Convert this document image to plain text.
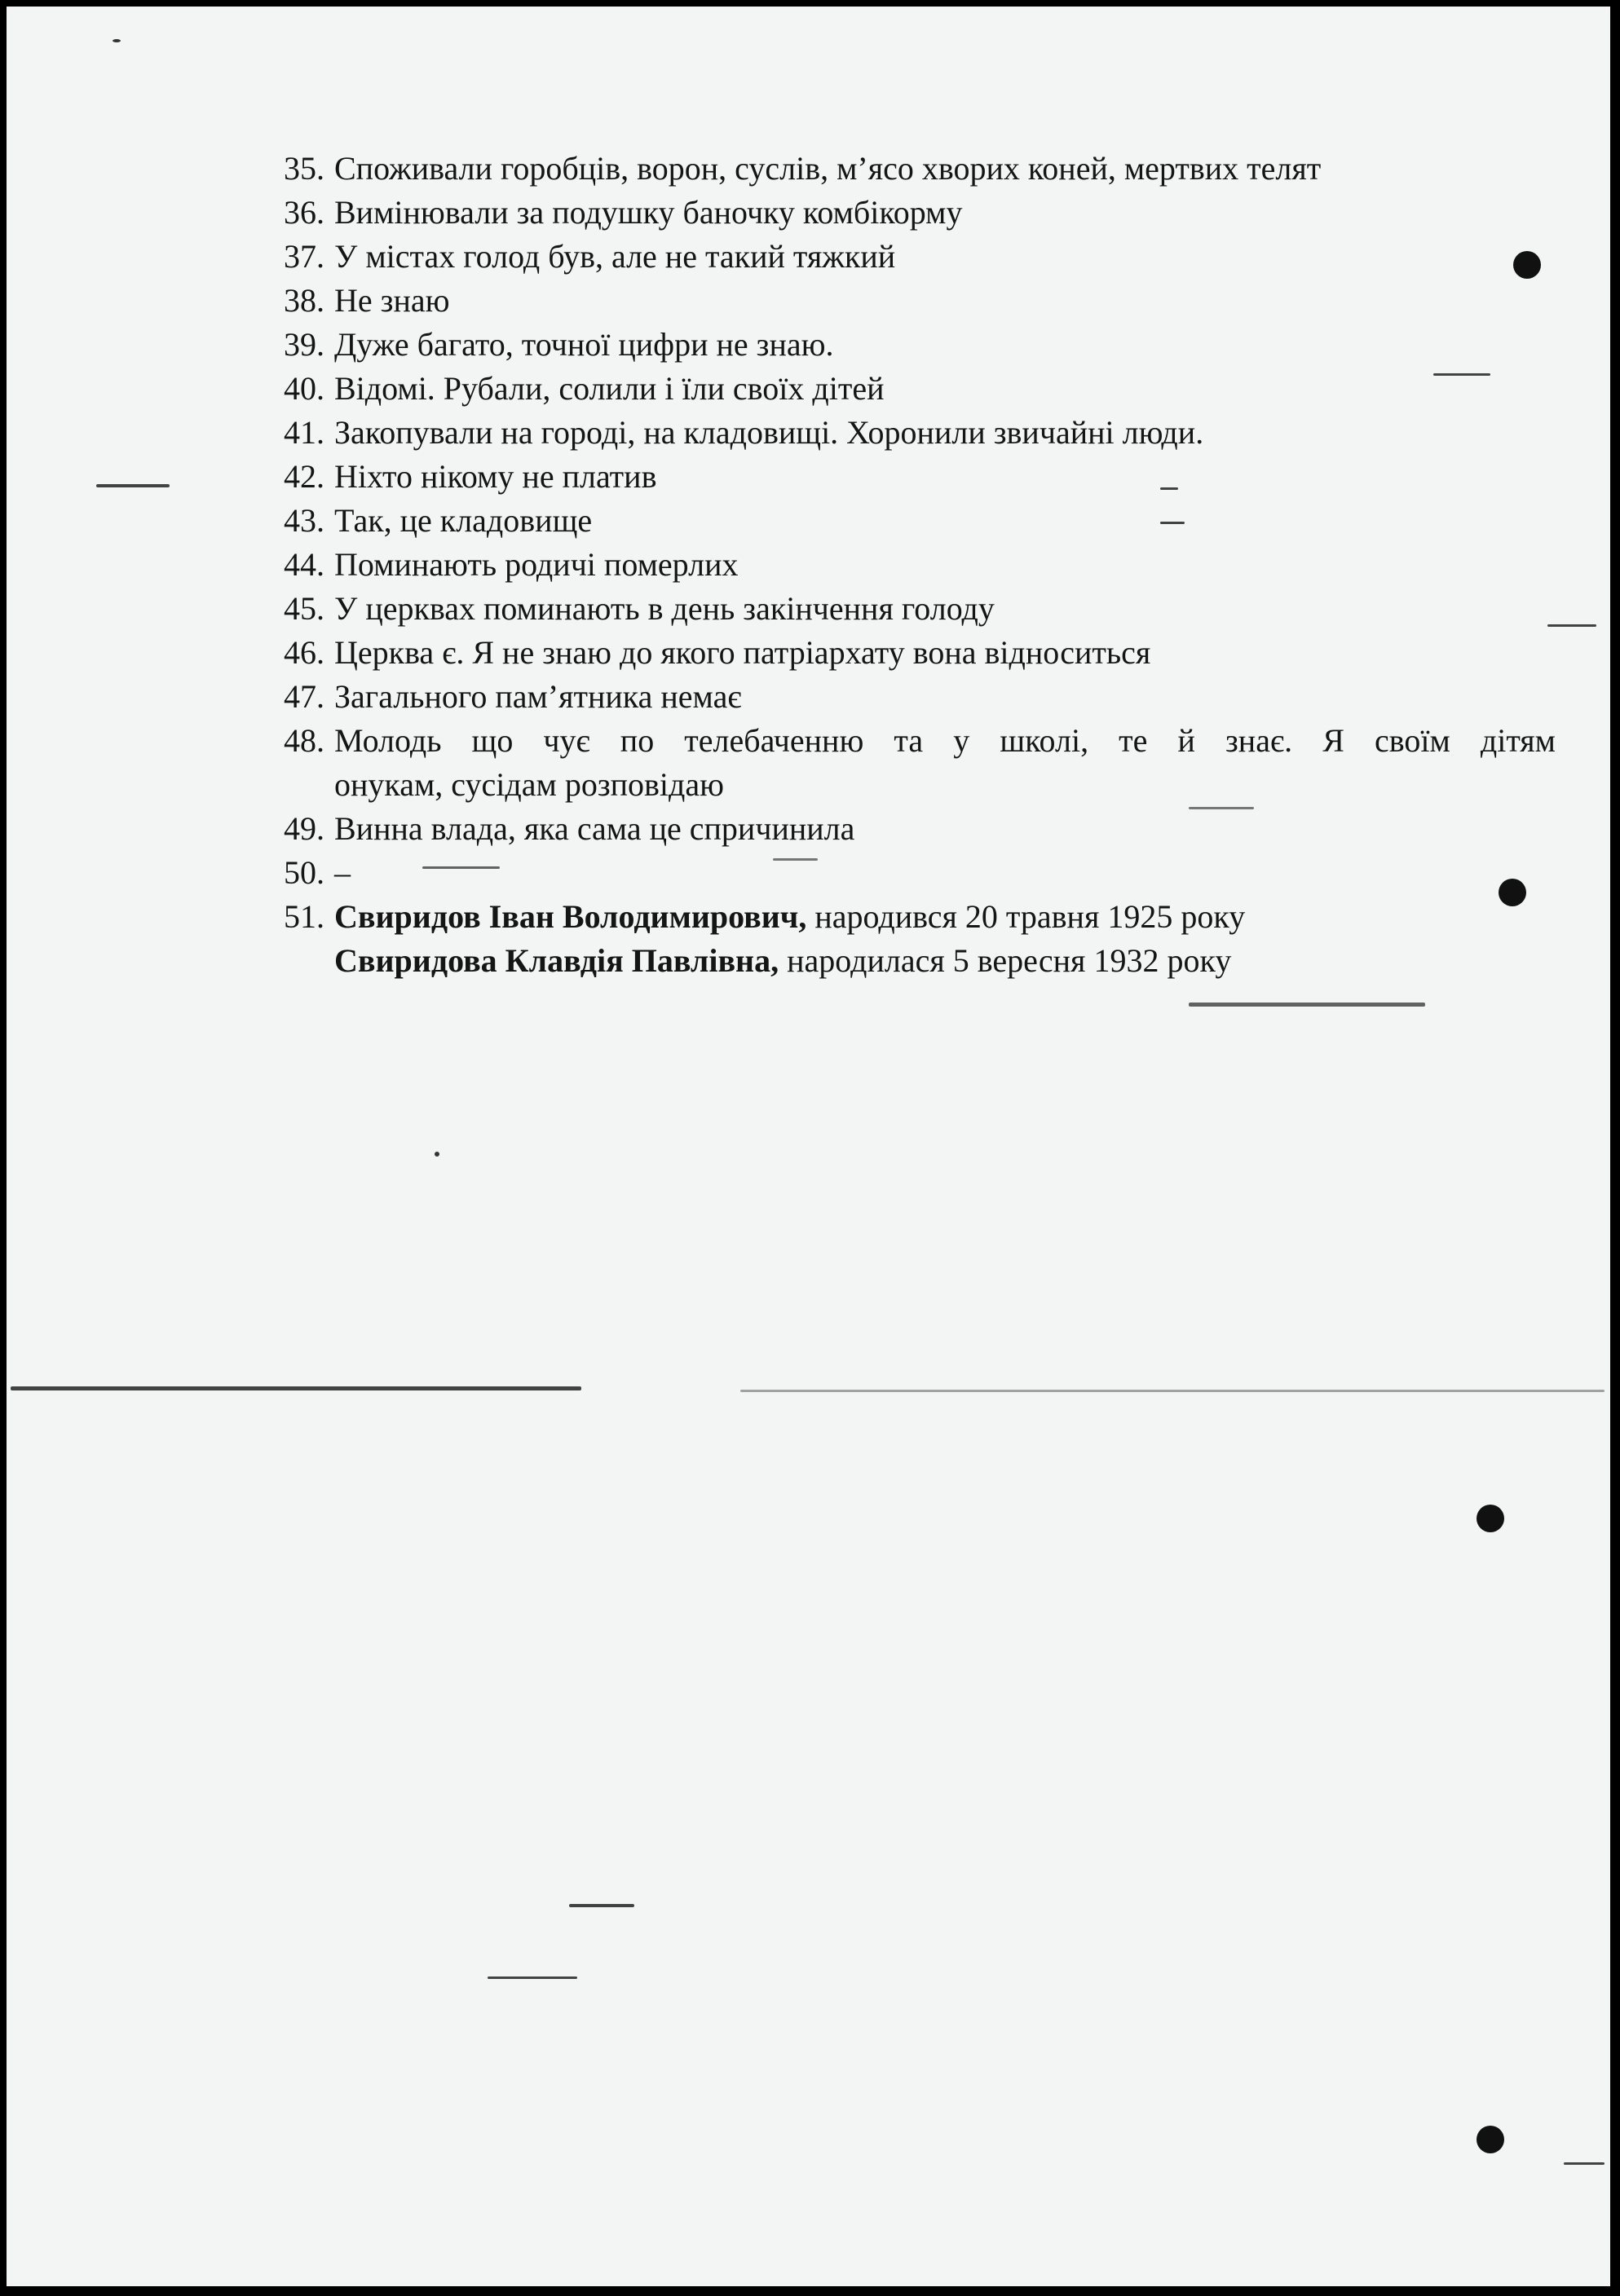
35. Споживали горобців, ворон, суслів, м’ясо хворих коней, мертвих телят
36. Вимінювали за подушку баночку комбікорму
37. У містах голод був, але не такий тяжкий
38. Не знаю
39. Дуже багато, точної цифри не знаю.
40. Відомі. Рубали, солили і їли своїх дітей
41. Закопували на городі, на кладовищі. Хоронили звичайні люди.
42. Ніхто нікому не платив
43. Так, це кладовище
44. Поминають родичі померлих
45. У церквах поминають в день закінчення голоду
46. Церква є. Я не знаю до якого патріархату вона відноситься
47. Загального пам’ятника немає
48. Молодь що чує по телебаченню та у школі, те й знає. Я своїм дітям
онукам, сусідам розповідаю
49. Винна влада, яка сама це спричинила
50. –
51. Свиридов Іван Володимирович, народився 20 травня 1925 року
Свиридова Клавдія Павлівна, народилася 5 вересня 1932 року
